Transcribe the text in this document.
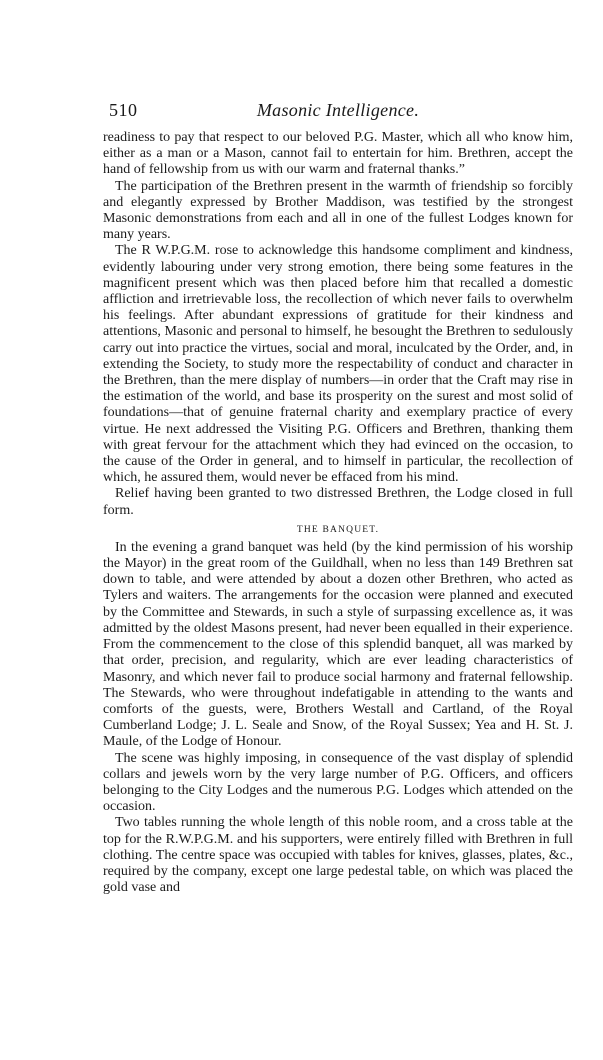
510	Masonic Intelligence.

readiness to pay that respect to our beloved P.G. Master, which all who know him, either as a man or a Mason, cannot fail to entertain for him. Brethren, accept the hand of fellowship from us with our warm and fraternal thanks.”

The participation of the Brethren present in the warmth of friendship so forcibly and elegantly expressed by Brother Maddison, was testified by the strongest Masonic demonstrations from each and all in one of the fullest Lodges known for many years.

The R W.P.G.M. rose to acknowledge this handsome compliment and kindness, evidently labouring under very strong emotion, there being some features in the magnificent present which was then placed before him that recalled a domestic affliction and irretrievable loss, the recollection of which never fails to overwhelm his feelings. After abundant expressions of gratitude for their kindness and attentions, Masonic and personal to himself, he besought the Brethren to sedulously carry out into practice the virtues, social and moral, inculcated by the Order, and, in extending the Society, to study more the respectability of conduct and character in the Brethren, than the mere display of numbers—in order that the Craft may rise in the estimation of the world, and base its prosperity on the surest and most solid of foundations—that of genuine fraternal charity and exemplary practice of every virtue. He next addressed the Visiting P.G. Officers and Brethren, thanking them with great fervour for the attachment which they had evinced on the occasion, to the cause of the Order in general, and to himself in particular, the recollection of which, he assured them, would never be effaced from his mind.

Relief having been granted to two distressed Brethren, the Lodge closed in full form.

THE BANQUET.

In the evening a grand banquet was held (by the kind permission of his worship the Mayor) in the great room of the Guildhall, when no less than 149 Brethren sat down to table, and were attended by about a dozen other Brethren, who acted as Tylers and waiters. The arrangements for the occasion were planned and executed by the Committee and Stewards, in such a style of surpassing excellence as, it was admitted by the oldest Masons present, had never been equalled in their experience. From the commencement to the close of this splendid banquet, all was marked by that order, precision, and regularity, which are ever leading characteristics of Masonry, and which never fail to produce social harmony and fraternal fellowship. The Stewards, who were throughout indefatigable in attending to the wants and comforts of the guests, were, Brothers Westall and Cartland, of the Royal Cumberland Lodge; J. L. Seale and Snow, of the Royal Sussex; Yea and H. St. J. Maule, of the Lodge of Honour.

The scene was highly imposing, in consequence of the vast display of splendid collars and jewels worn by the very large number of P.G. Officers, and officers belonging to the City Lodges and the numerous P.G. Lodges which attended on the occasion.

Two tables running the whole length of this noble room, and a cross table at the top for the R.W.P.G.M. and his supporters, were entirely filled with Brethren in full clothing. The centre space was occupied with tables for knives, glasses, plates, &c., required by the company, except one large pedestal table, on which was placed the gold vase and
